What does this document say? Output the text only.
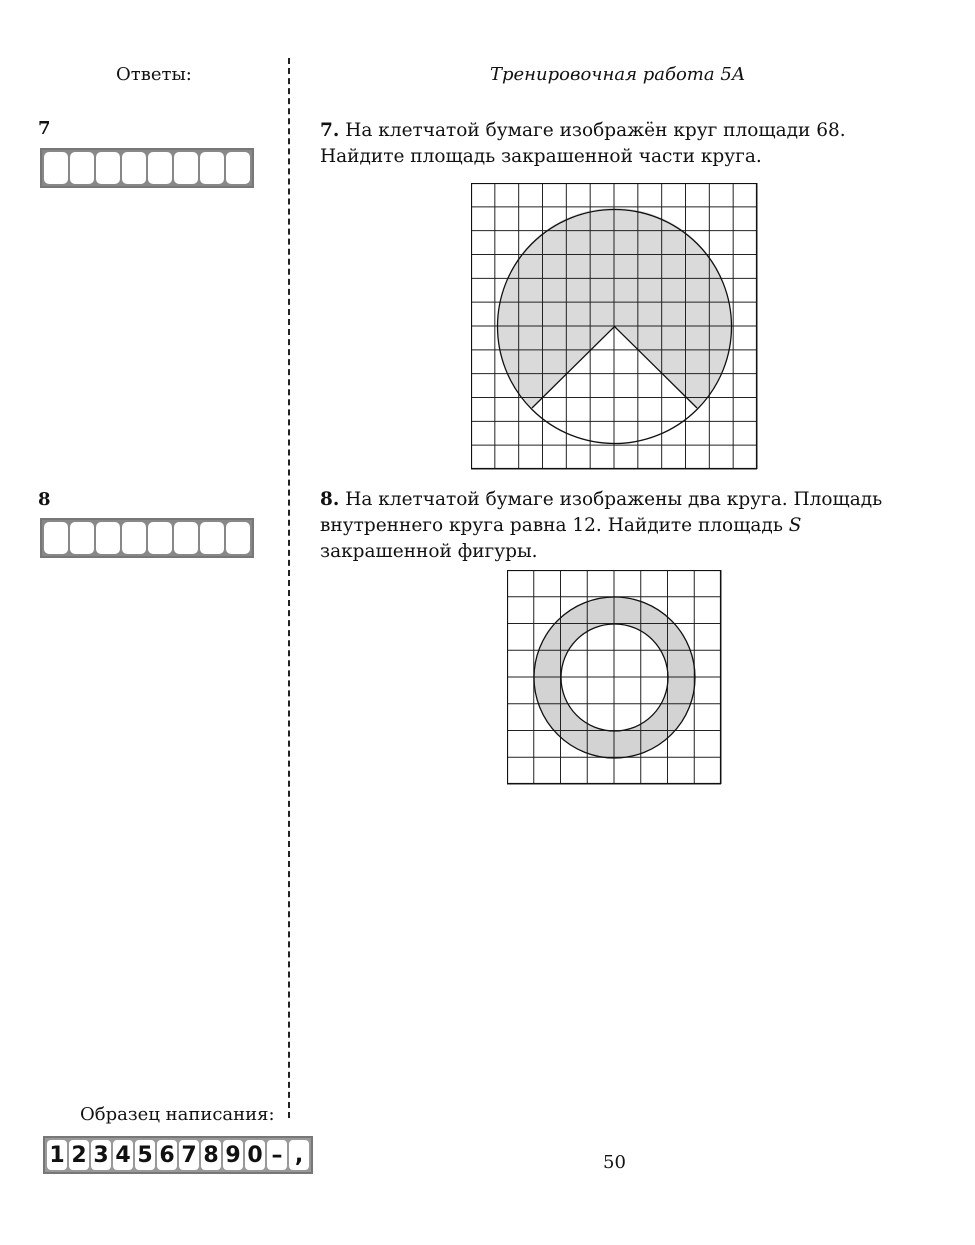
Ответы:	Тренировочная работа 5А
7
8
7. На клетчатой бумаге изображён круг площади 68. Найдите площадь закрашенной части круга.
8. На клетчатой бумаге изображены два круга. Площадь внутреннего круга равна 12. Найдите площадь S закрашенной фигуры.
Образец написания:
1 2 3 4 5 6 7 8 9 0 – ,	50
